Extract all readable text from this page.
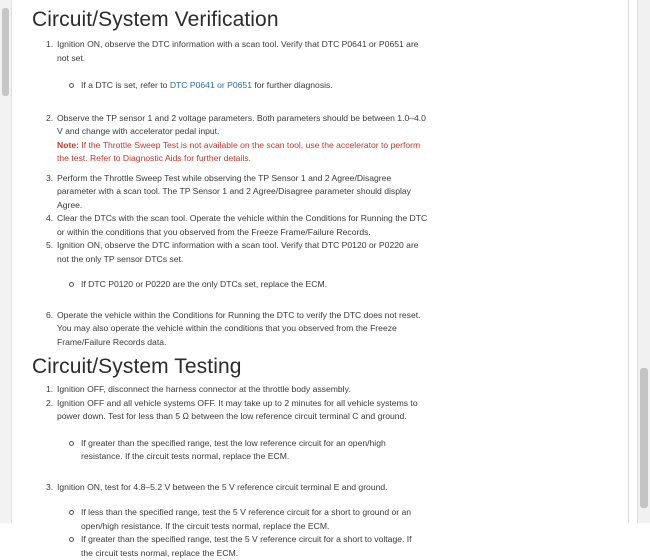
Circuit/System Verification
1. Ignition ON, observe the DTC information with a scan tool. Verify that DTC P0641 or P0651 are not set.
If a DTC is set, refer to DTC P0641 or P0651 for further diagnosis.
2. Observe the TP sensor 1 and 2 voltage parameters. Both parameters should be between 1.0–4.0 V and change with accelerator pedal input.
Note: If the Throttle Sweep Test is not available on the scan tool, use the accelerator to perform the test. Refer to Diagnostic Aids for further details.
3. Perform the Throttle Sweep Test while observing the TP Sensor 1 and 2 Agree/Disagree parameter with a scan tool. The TP Sensor 1 and 2 Agree/Disagree parameter should display Agree.
4. Clear the DTCs with the scan tool. Operate the vehicle within the Conditions for Running the DTC or within the conditions that you observed from the Freeze Frame/Failure Records.
5. Ignition ON, observe the DTC information with a scan tool. Verify that DTC P0120 or P0220 are not the only TP sensor DTCs set.
If DTC P0120 or P0220 are the only DTCs set, replace the ECM.
6. Operate the vehicle within the Conditions for Running the DTC to verify the DTC does not reset. You may also operate the vehicle within the conditions that you observed from the Freeze Frame/Failure Records data.
Circuit/System Testing
1. Ignition OFF, disconnect the harness connector at the throttle body assembly.
2. Ignition OFF and all vehicle systems OFF. It may take up to 2 minutes for all vehicle systems to power down. Test for less than 5 Ω between the low reference circuit terminal C and ground.
If greater than the specified range, test the low reference circuit for an open/high resistance. If the circuit tests normal, replace the ECM.
3. Ignition ON, test for 4.8–5.2 V between the 5 V reference circuit terminal E and ground.
If less than the specified range, test the 5 V reference circuit for a short to ground or an open/high resistance. If the circuit tests normal, replace the ECM.
If greater than the specified range, test the 5 V reference circuit for a short to voltage. If the circuit tests normal, replace the ECM.
